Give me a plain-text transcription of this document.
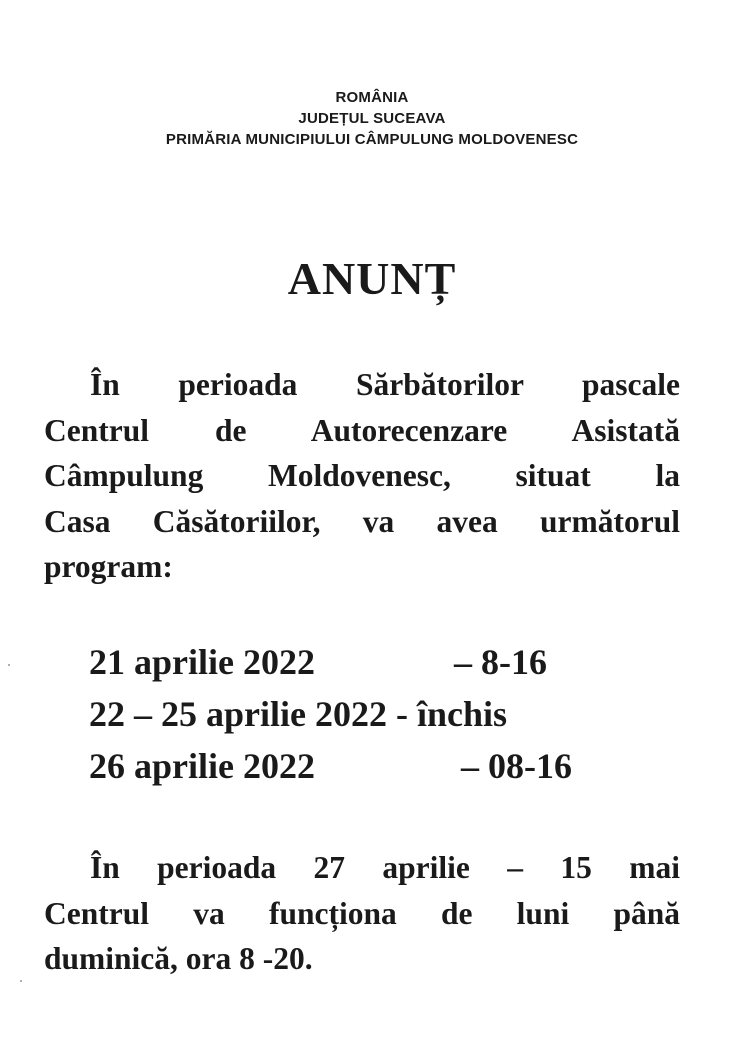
ROMÂNIA
JUDEȚUL SUCEAVA
PRIMĂRIA MUNICIPIULUI CÂMPULUNG MOLDOVENESC
ANUNȚ
În perioada Sărbătorilor pascale
Centrul de Autorecenzare Asistată
Câmpulung Moldovenesc, situat la
Casa Căsătoriilor, va avea următorul
program:
21 aprilie 2022	– 8-16
22 – 25 aprilie 2022 - închis
26 aprilie 2022	– 08-16
În perioada 27 aprilie – 15 mai
Centrul va funcționa de luni până
duminică, ora 8 -20.
